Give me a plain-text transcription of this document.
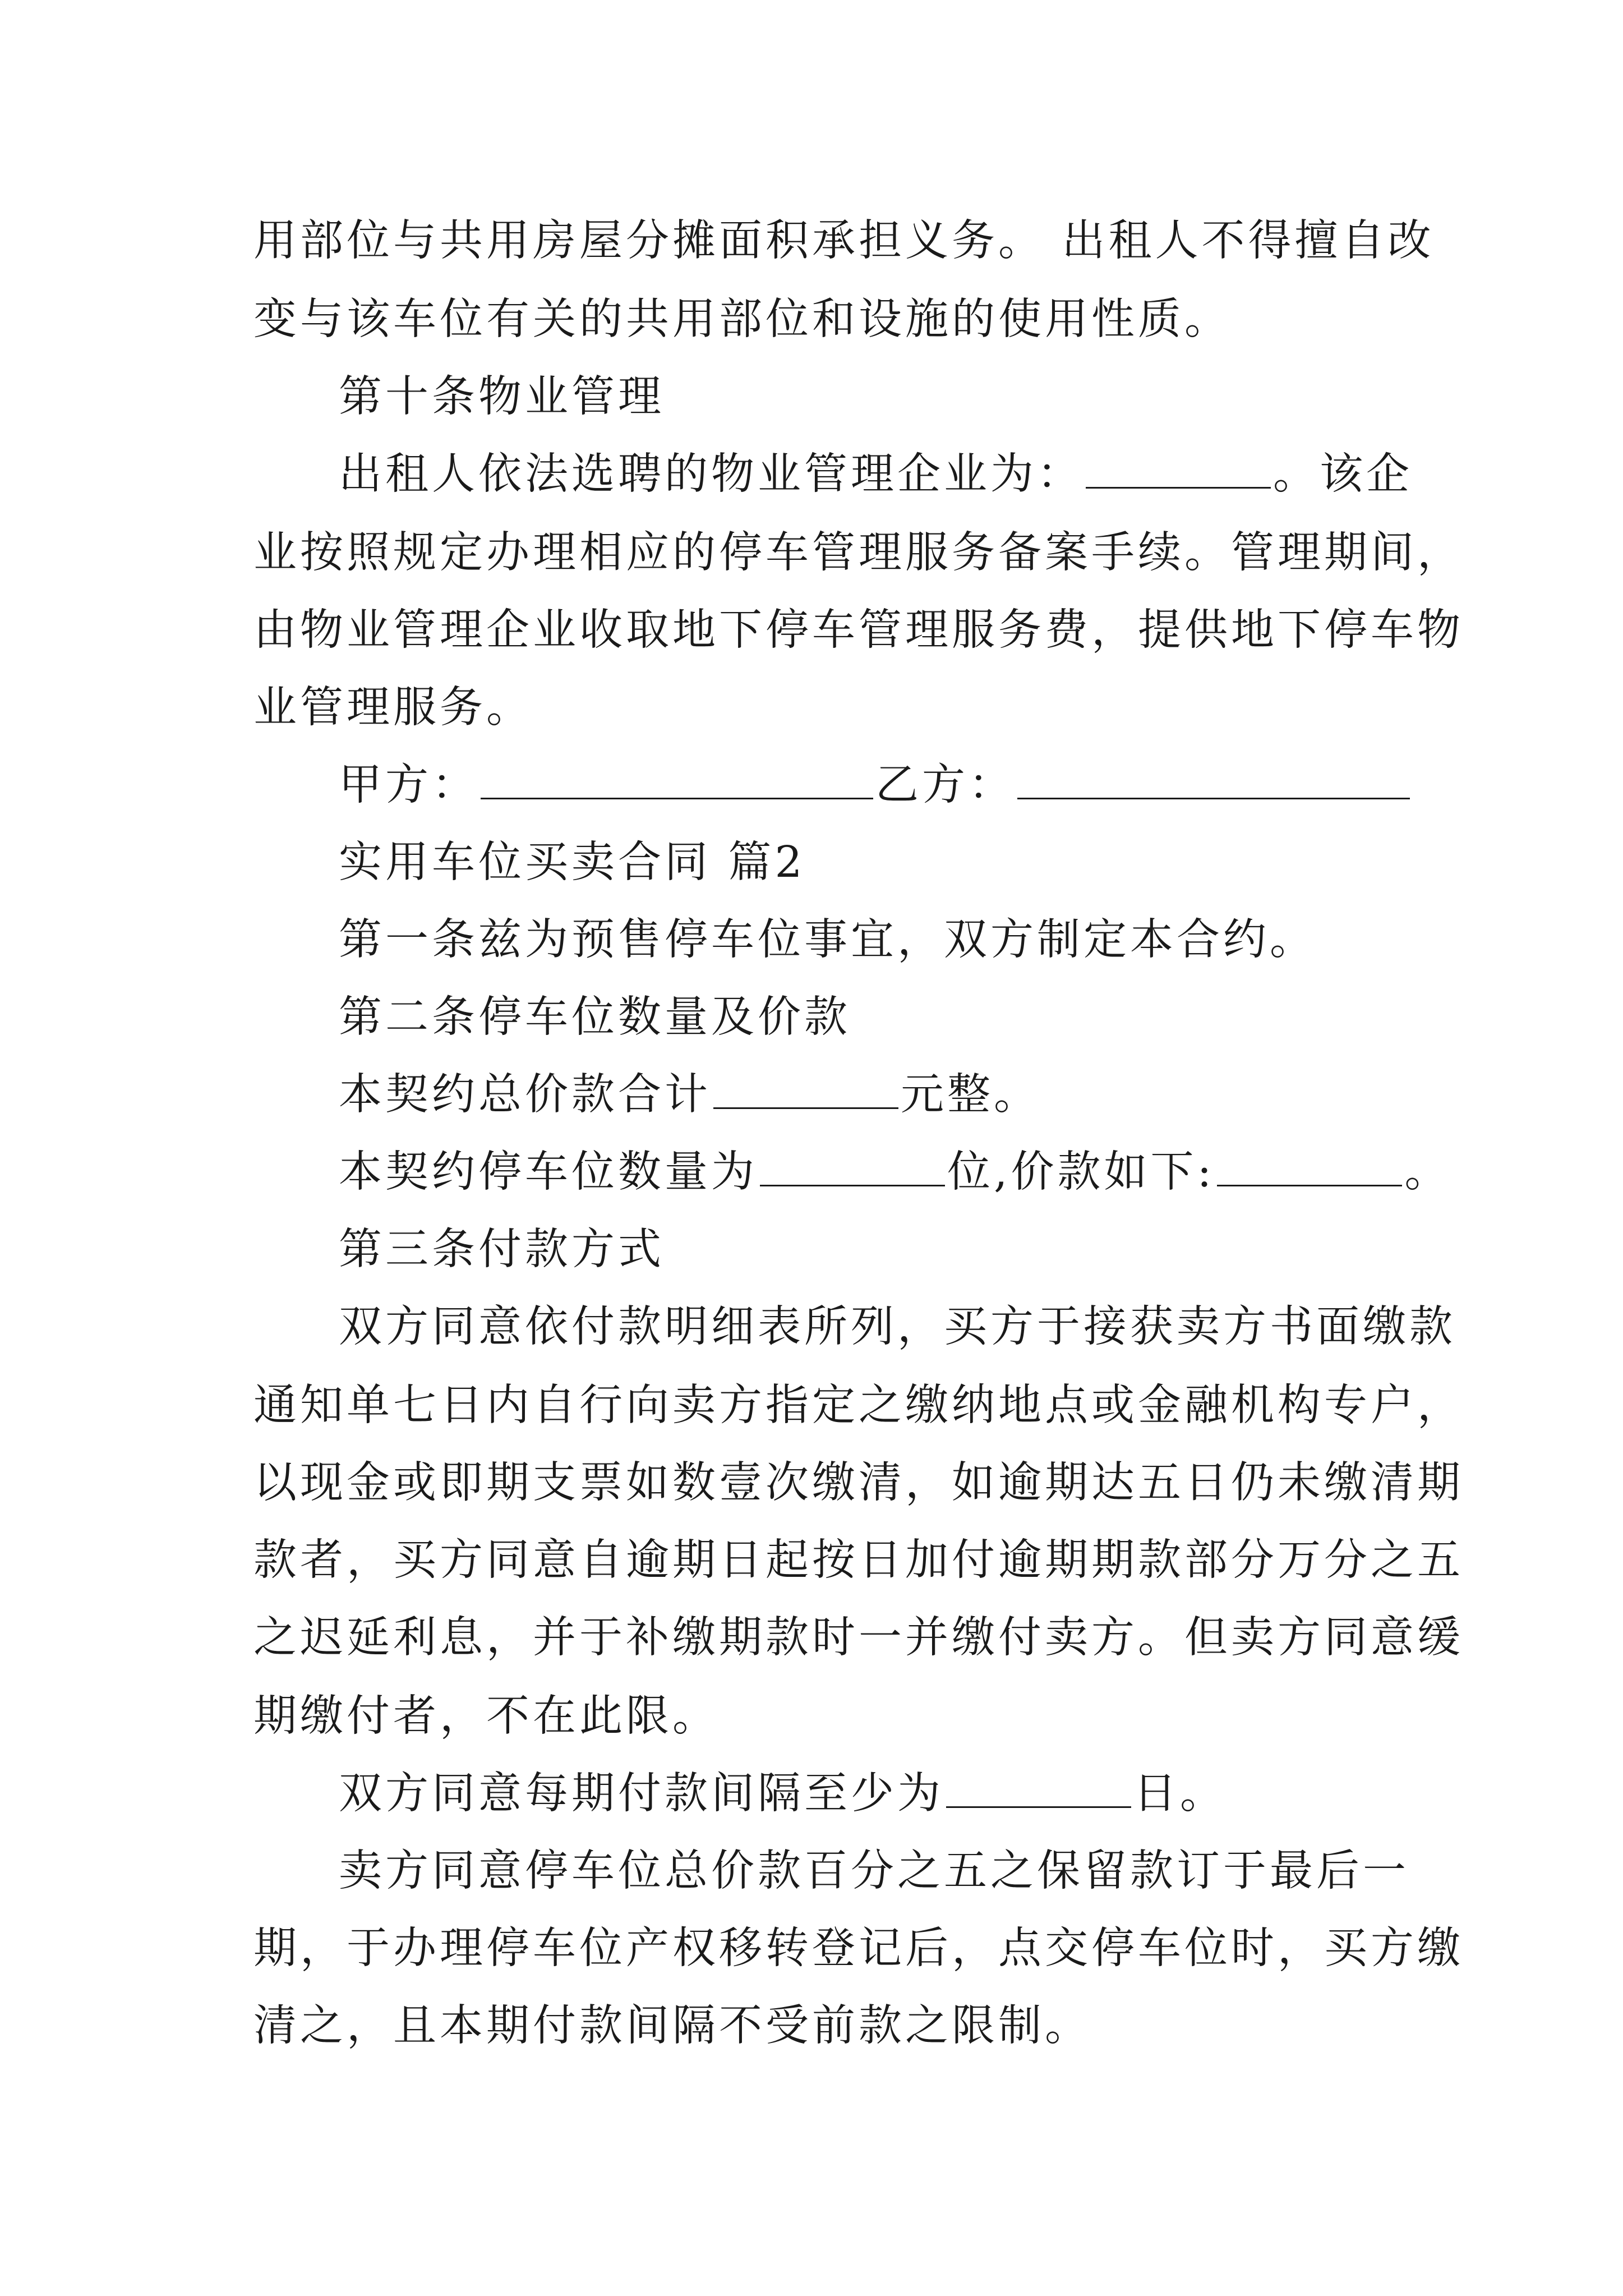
用部位与共用房屋分摊面积承担义务。 出租人不得擅自改
变与该车位有关的共用部位和设施的使用性质。
第十条物业管理
出租人依法选聘的物业管理企业为：	。该企
业按照规定办理相应的停车管理服务备案手续。管理期间，
由物业管理企业收取地下停车管理服务费，提供地下停车物
业管理服务。
甲方：	乙方：
实用车位买卖合同 篇2
第一条兹为预售停车位事宜，双方制定本合约。
第二条停车位数量及价款
本契约总价款合计	元整。
本契约停车位数量为	位,价款如下:	。
第三条付款方式
双方同意依付款明细表所列，买方于接获卖方书面缴款
通知单七日内自行向卖方指定之缴纳地点或金融机构专户，
以现金或即期支票如数壹次缴清，如逾期达五日仍未缴清期
款者，买方同意自逾期日起按日加付逾期期款部分万分之五
之迟延利息，并于补缴期款时一并缴付卖方。但卖方同意缓
期缴付者，不在此限。
双方同意每期付款间隔至少为	日。
卖方同意停车位总价款百分之五之保留款订于最后一
期，于办理停车位产权移转登记后，点交停车位时，买方缴
清之，且本期付款间隔不受前款之限制。
